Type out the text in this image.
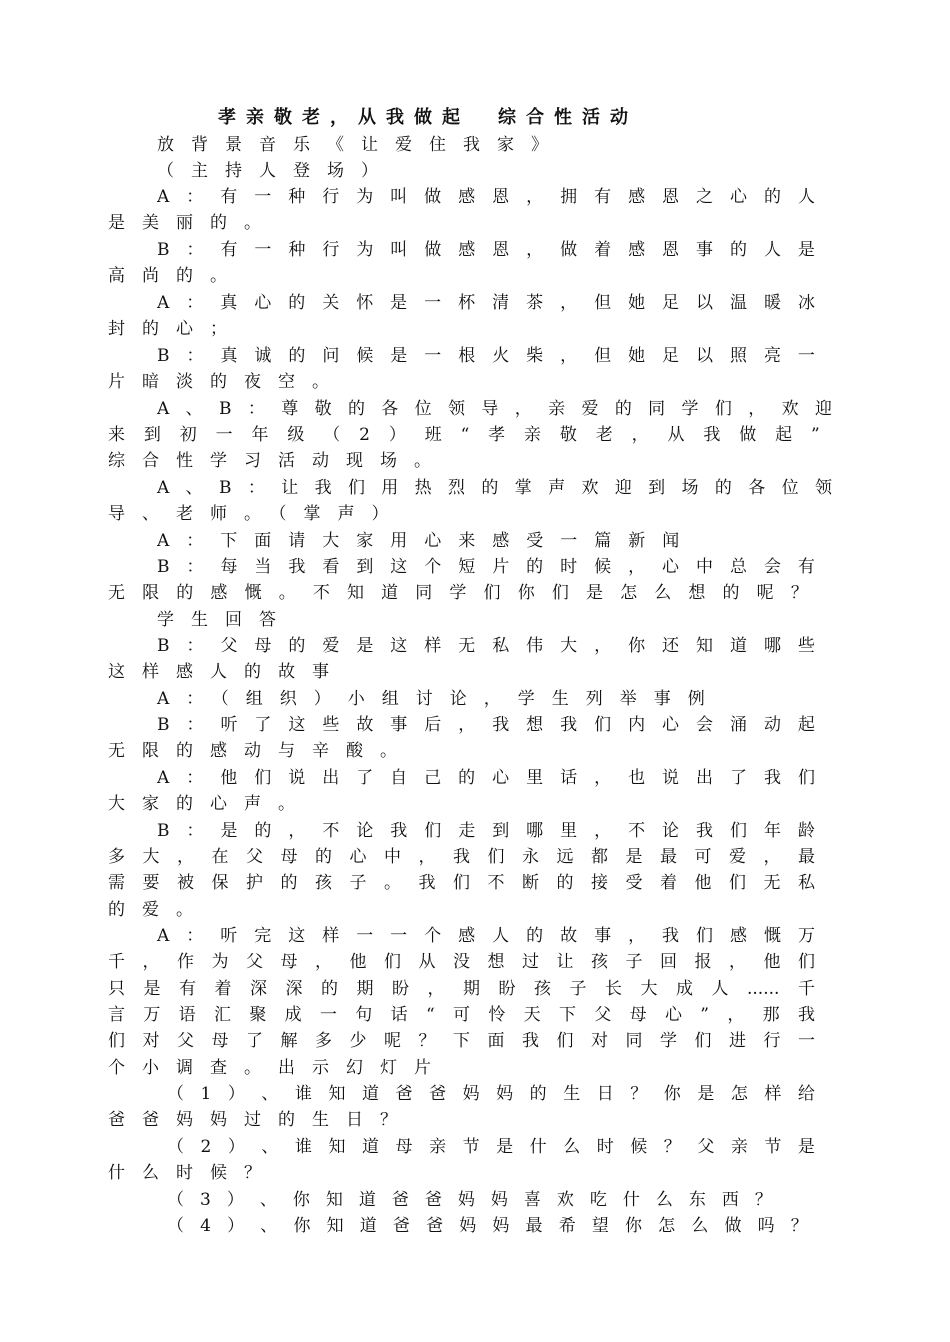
孝亲敬老，从我做起　综合性活动
放背景音乐《让爱住我家》
（主持人登场）
A ： 有 一 种 行 为 叫 做 感 恩 ， 拥 有 感 恩 之 心 的 人
是美丽的。
B ： 有 一 种 行 为 叫 做 感 恩 ， 做 着 感 恩 事 的 人 是
高尚的。
A ： 真 心 的 关 怀 是 一 杯 清 茶 ， 但 她 足 以 温 暖 冰
封的心；
B ： 真 诚 的 问 候 是 一 根 火 柴 ， 但 她 足 以 照 亮 一
片暗淡的夜空。
A 、 B ： 尊 敬 的 各 位 领 导 ， 亲 爱 的 同 学 们 ， 欢 迎
来 到 初 一 年 级 （ 2 ） 班 “ 孝 亲 敬 老 ， 从 我 做 起 ”
综合性学习活动现场。
A 、 B ： 让 我 们 用 热 烈 的 掌 声 欢 迎 到 场 的 各 位 领
导、老师。（掌声）
A：下面请大家用心来感受一篇新闻
B ： 每 当 我 看 到 这 个 短 片 的 时 候 ， 心 中 总 会 有
无 限 的 感 慨 。 不 知 道 同 学 们 你 们 是 怎 么 想 的 呢 ？
学生回答
B ： 父 母 的 爱 是 这 样 无 私 伟 大 ， 你 还 知 道 哪 些
这样感人的故事
A：（组织）小组讨论，学生列举事例
B ： 听 了 这 些 故 事 后 ， 我 想 我 们 内 心 会 涌 动 起
无限的感动与辛酸。
A ： 他 们 说 出 了 自 己 的 心 里 话 ， 也 说 出 了 我 们
大家的心声。
B ： 是 的 ， 不 论 我 们 走 到 哪 里 ， 不 论 我 们 年 龄
多 大 ， 在 父 母 的 心 中 ， 我 们 永 远 都 是 最 可 爱 ， 最
需 要 被 保 护 的 孩 子 。 我 们 不 断 的 接 受 着 他 们 无 私
的爱。
A ： 听 完 这 样 一 一 个 感 人 的 故 事 ， 我 们 感 慨 万
千 ， 作 为 父 母 ， 他 们 从 没 想 过 让 孩 子 回 报 ， 他 们
只 是 有 着 深 深 的 期 盼 ， 期 盼 孩 子 长 大 成 人 ...... 千
言 万 语 汇 聚 成 一 句 话 “ 可 怜 天 下 父 母 心 ” ， 那 我
们 对 父 母 了 解 多 少 呢 ？ 下 面 我 们 对 同 学 们 进 行 一
个小调查。出示幻灯片
（ 1 ） 、 谁 知 道 爸 爸 妈 妈 的 生 日 ？ 你 是 怎 样 给
爸爸妈妈过的生日？
（ 2 ） 、 谁 知 道 母 亲 节 是 什 么 时 候 ？ 父 亲 节 是
什么时候？
（ 3 ） 、 你 知 道 爸 爸 妈 妈 喜 欢 吃 什 么 东 西 ？
（ 4 ） 、 你 知 道 爸 爸 妈 妈 最 希 望 你 怎 么 做 吗 ？
